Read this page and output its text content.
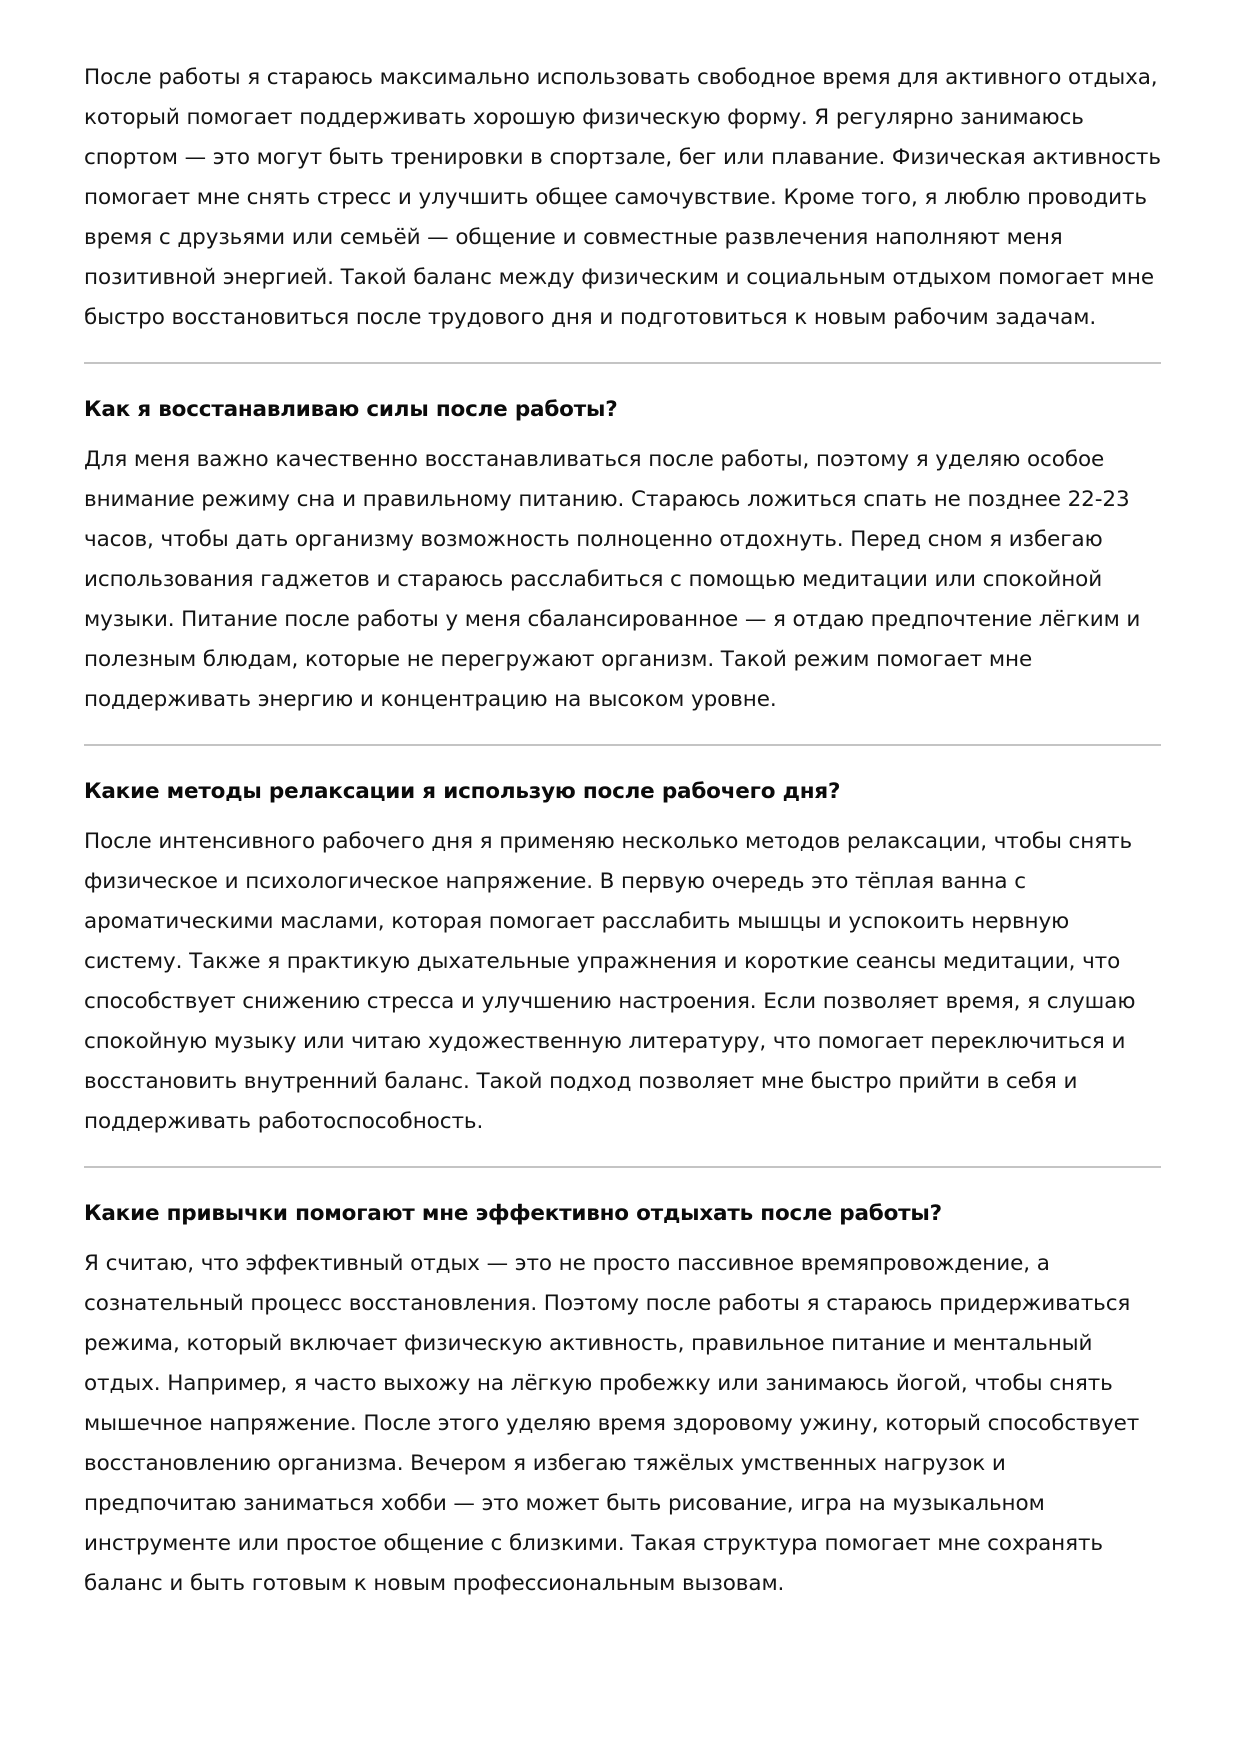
После работы я стараюсь максимально использовать свободное время для активного отдыха, который помогает поддерживать хорошую физическую форму. Я регулярно занимаюсь спортом — это могут быть тренировки в спортзале, бег или плавание. Физическая активность помогает мне снять стресс и улучшить общее самочувствие. Кроме того, я люблю проводить время с друзьями или семьёй — общение и совместные развлечения наполняют меня позитивной энергией. Такой баланс между физическим и социальным отдыхом помогает мне быстро восстановиться после трудового дня и подготовиться к новым рабочим задачам.

Как я восстанавливаю силы после работы?

Для меня важно качественно восстанавливаться после работы, поэтому я уделяю особое внимание режиму сна и правильному питанию. Стараюсь ложиться спать не позднее 22-23 часов, чтобы дать организму возможность полноценно отдохнуть. Перед сном я избегаю использования гаджетов и стараюсь расслабиться с помощью медитации или спокойной музыки. Питание после работы у меня сбалансированное — я отдаю предпочтение лёгким и полезным блюдам, которые не перегружают организм. Такой режим помогает мне поддерживать энергию и концентрацию на высоком уровне.

Какие методы релаксации я использую после рабочего дня?

После интенсивного рабочего дня я применяю несколько методов релаксации, чтобы снять физическое и психологическое напряжение. В первую очередь это тёплая ванна с ароматическими маслами, которая помогает расслабить мышцы и успокоить нервную систему. Также я практикую дыхательные упражнения и короткие сеансы медитации, что способствует снижению стресса и улучшению настроения. Если позволяет время, я слушаю спокойную музыку или читаю художественную литературу, что помогает переключиться и восстановить внутренний баланс. Такой подход позволяет мне быстро прийти в себя и поддерживать работоспособность.

Какие привычки помогают мне эффективно отдыхать после работы?

Я считаю, что эффективный отдых — это не просто пассивное времяпровождение, а сознательный процесс восстановления. Поэтому после работы я стараюсь придерживаться режима, который включает физическую активность, правильное питание и ментальный отдых. Например, я часто выхожу на лёгкую пробежку или занимаюсь йогой, чтобы снять мышечное напряжение. После этого уделяю время здоровому ужину, который способствует восстановлению организма. Вечером я избегаю тяжёлых умственных нагрузок и предпочитаю заниматься хобби — это может быть рисование, игра на музыкальном инструменте или простое общение с близкими. Такая структура помогает мне сохранять баланс и быть готовым к новым профессиональным вызовам.
